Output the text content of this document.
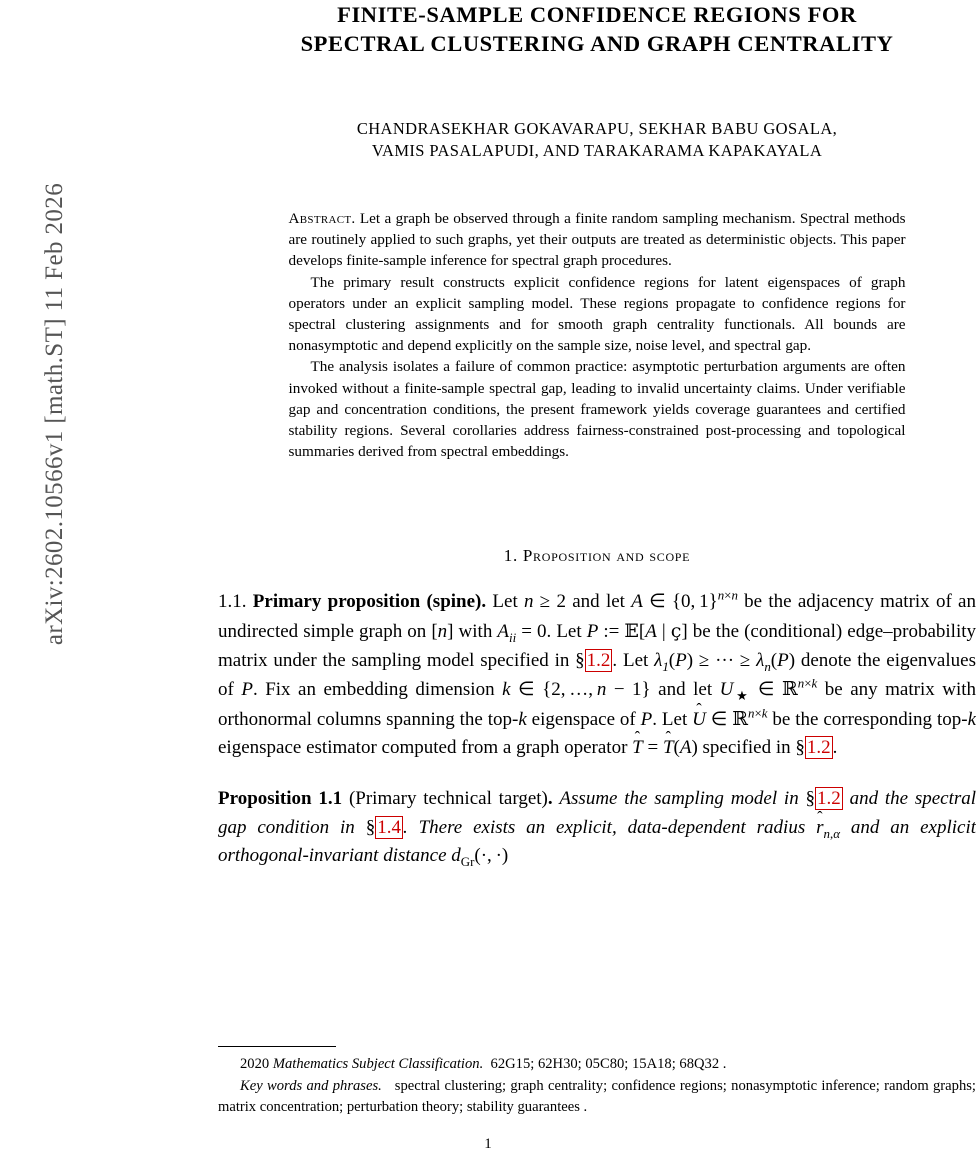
arXiv:2602.10566v1 [math.ST] 11 Feb 2026
FINITE-SAMPLE CONFIDENCE REGIONS FOR
SPECTRAL CLUSTERING AND GRAPH CENTRALITY
CHANDRASEKHAR GOKAVARAPU, SEKHAR BABU GOSALA,
VAMIS PASALAPUDI, AND TARAKARAMA KAPAKAYALA

Abstract. Let a graph be observed through a finite random sampling mechanism. Spectral methods are routinely applied to such graphs, yet their outputs are treated as deterministic objects. This paper develops finite-sample inference for spectral graph procedures.

The primary result constructs explicit confidence regions for latent eigenspaces of graph operators under an explicit sampling model. These regions propagate to confidence regions for spectral clustering assignments and for smooth graph centrality functionals. All bounds are nonasymptotic and depend explicitly on the sample size, noise level, and spectral gap.

The analysis isolates a failure of common practice: asymptotic perturbation arguments are often invoked without a finite-sample spectral gap, leading to invalid uncertainty claims. Under verifiable gap and concentration conditions, the present framework yields coverage guarantees and certified stability regions. Several corollaries address fairness-constrained post-processing and topological summaries derived from spectral embeddings.

1. Proposition and scope

1.1. Primary proposition (spine). Let n ≥ 2 and let A ∈ {0, 1}$^{n\times n}$ be the adjacency matrix of an undirected simple graph on [n] with $A_{ii} = 0$. Let P := 𝔼[A | ҫ] be the (conditional) edge–probability matrix under the sampling model specified in § 1.2 . Let $\lambda_1(P)$ ≥ ··· ≥ $\lambda_n(P)$ denote the eigenvalues of P. Fix an embedding dimension k ∈ {2, …, n − 1} and let $U_★$ ∈ ℝ$^{n\times k}$ be any matrix with orthonormal columns spanning the top-k eigenspace of P. Let
U ∈ ℝ$^{n\times k}$ be the corresponding top-k eigenspace estimator computed from a graph operator
T =
T(A) specified in § 1.2 .

Proposition 1.1 (Primary technical target). Assume the sampling model in § 1.2 and the spectral gap condition in § 1.4 . There exists an explicit, data-dependent radius $r_{n,\alpha}$ and an explicit orthogonal-invariant distance $d_{Gr}(\cdot$, ·)

2020 Mathematics Subject Classification. 62G15; 62H30; 05C80; 15A18; 68Q32 .

Key words and phrases. spectral clustering; graph centrality; confidence regions; nonasymptotic inference; random graphs; matrix concentration; perturbation theory; stability guarantees .

1
